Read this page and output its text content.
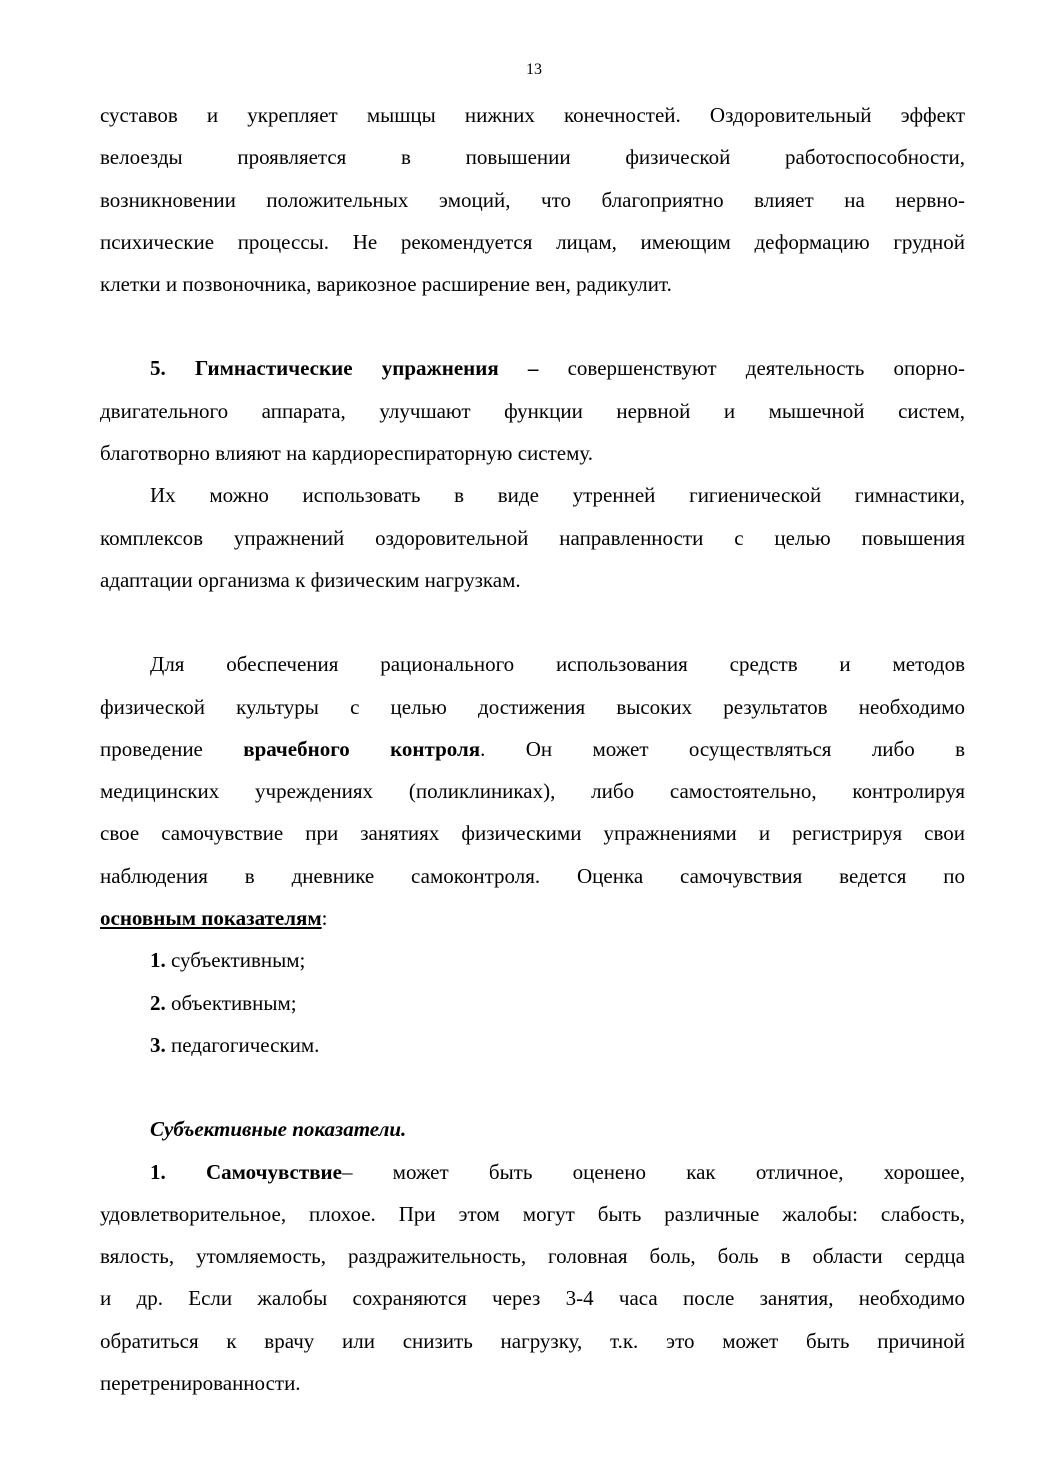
13

суставов и укрепляет мышцы нижних конечностей. Оздоровительный эффект

велоезды проявляется в повышении физической работоспособности,

возникновении положительных эмоций, что благоприятно влияет на нервно-

психические процессы. Не рекомендуется лицам, имеющим деформацию грудной

клетки и позвоночника, варикозное расширение вен, радикулит.

5. Гимнастические упражнения – совершенствуют деятельность опорно-

двигательного аппарата, улучшают функции нервной и мышечной систем,

благотворно влияют на кардиореспираторную систему.

Их можно использовать в виде утренней гигиенической гимнастики,

комплексов упражнений оздоровительной направленности с целью повышения

адаптации организма к физическим нагрузкам.

Для обеспечения рационального использования средств и методов

физической культуры с целью достижения высоких результатов необходимо

проведение врачебного контроля. Он может осуществляться либо в

медицинских учреждениях (поликлиниках), либо самостоятельно, контролируя

свое самочувствие при занятиях физическими упражнениями и регистрируя свои

наблюдения в дневнике самоконтроля. Оценка самочувствия ведется по

основным показателям:

1. субъективным;

2. объективным;

3. педагогическим.

Субъективные показатели.

1. Самочувствие– может быть оценено как отличное, хорошее,

удовлетворительное, плохое. При этом могут быть различные жалобы: слабость,

вялость, утомляемость, раздражительность, головная боль, боль в области сердца

и др. Если жалобы сохраняются через 3-4 часа после занятия, необходимо

обратиться к врачу или снизить нагрузку, т.к. это может быть причиной

перетренированности.
